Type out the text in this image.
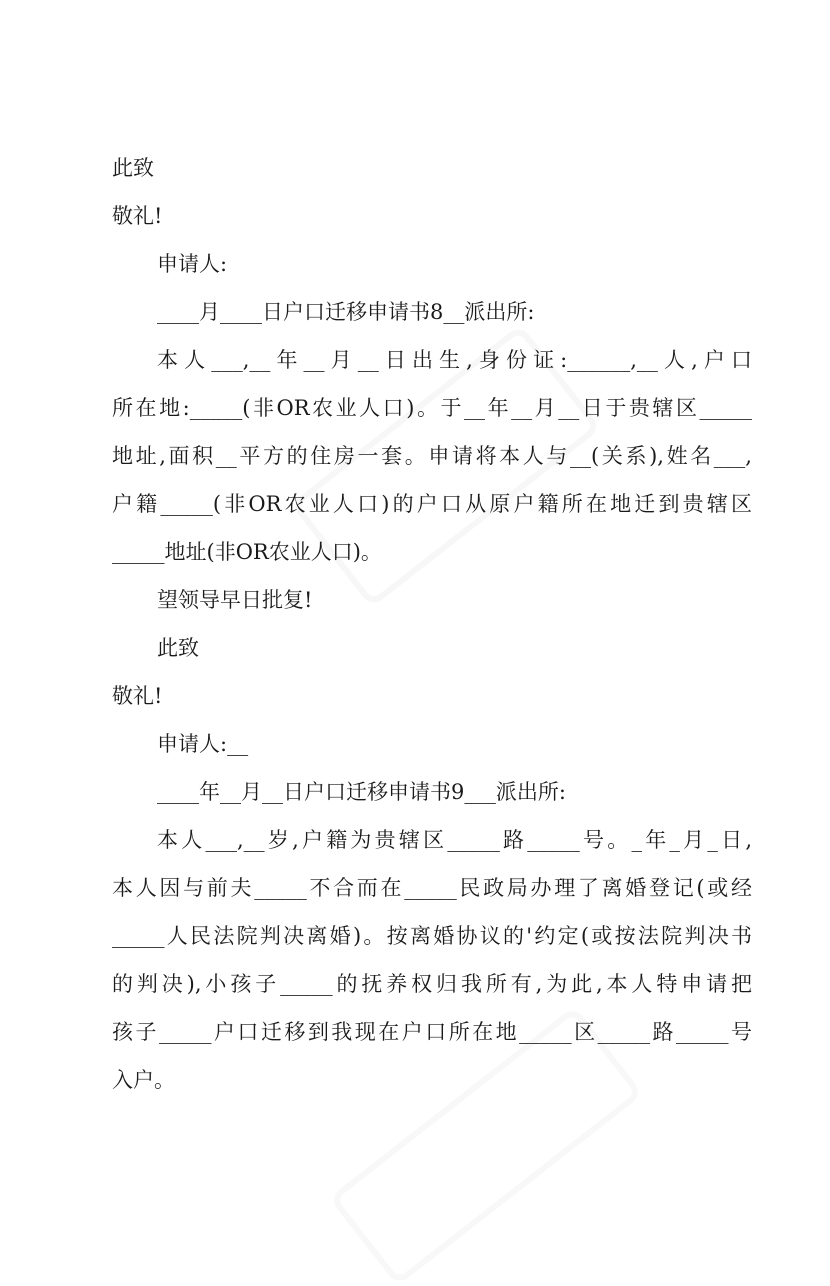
此致
敬礼!
申请人:
____月____日户口迁移申请书8__派出所:
本人___,__年__月__日出生,身份证:______,__人,户口
所在地:_____(非OR农业人口)。于__年__月__日于贵辖区_____
地址,面积__平方的住房一套。申请将本人与__(关系),姓名___,
户籍_____(非OR农业人口)的户口从原户籍所在地迁到贵辖区
_____地址(非OR农业人口)。
望领导早日批复!
此致
敬礼!
申请人:__
____年__月__日户口迁移申请书9___派出所:
本人___,__岁,户籍为贵辖区_____路_____号。_年_月_日,
本人因与前夫_____不合而在_____民政局办理了离婚登记(或经
_____人民法院判决离婚)。按离婚协议的'约定(或按法院判决书
的判决),小孩子_____的抚养权归我所有,为此,本人特申请把
孩子_____户口迁移到我现在户口所在地_____区_____路_____号
入户。
